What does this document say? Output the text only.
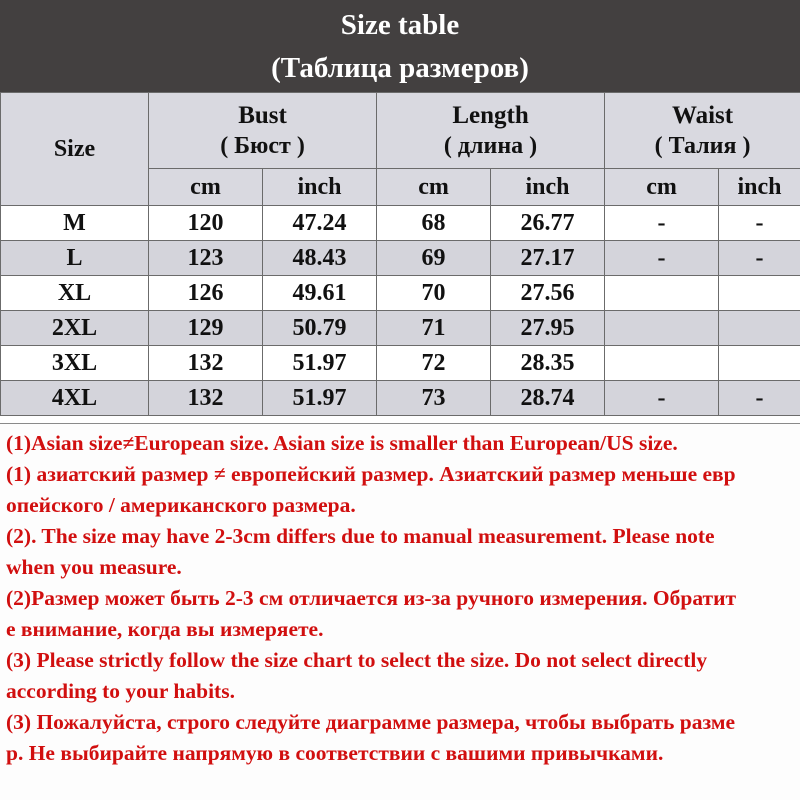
Size table
(Таблица размеров)
Size	Bust
( Бюст )		Length
( длина )		Waist
( Талия )	

	cm	inch	cm	inch	cm	inch
M	120	47.24	68	26.77	-	-
L	123	48.43	69	27.17	-	-
XL	126	49.61	70	27.56		
2XL	129	50.79	71	27.95		
3XL	132	51.97	72	28.35		
4XL	132	51.97	73	28.74	-	-
(1)Asian size≠European size. Asian size is smaller than European/US size.
(1) азиатский размер ≠ европейский размер. Азиатский размер меньше евр
опейского / американского размера.
(2). The size may have 2-3cm differs due to manual measurement. Please note
when you measure.
(2)Размер может быть 2-3 см отличается из-за ручного измерения. Обратит
е внимание, когда вы измеряете.
(3) Please strictly follow the size chart to select the size. Do not select directly
according to your habits.
(3) Пожалуйста, строго следуйте диаграмме размера, чтобы выбрать разме
р. Не выбирайте напрямую в соответствии с вашими привычками.
